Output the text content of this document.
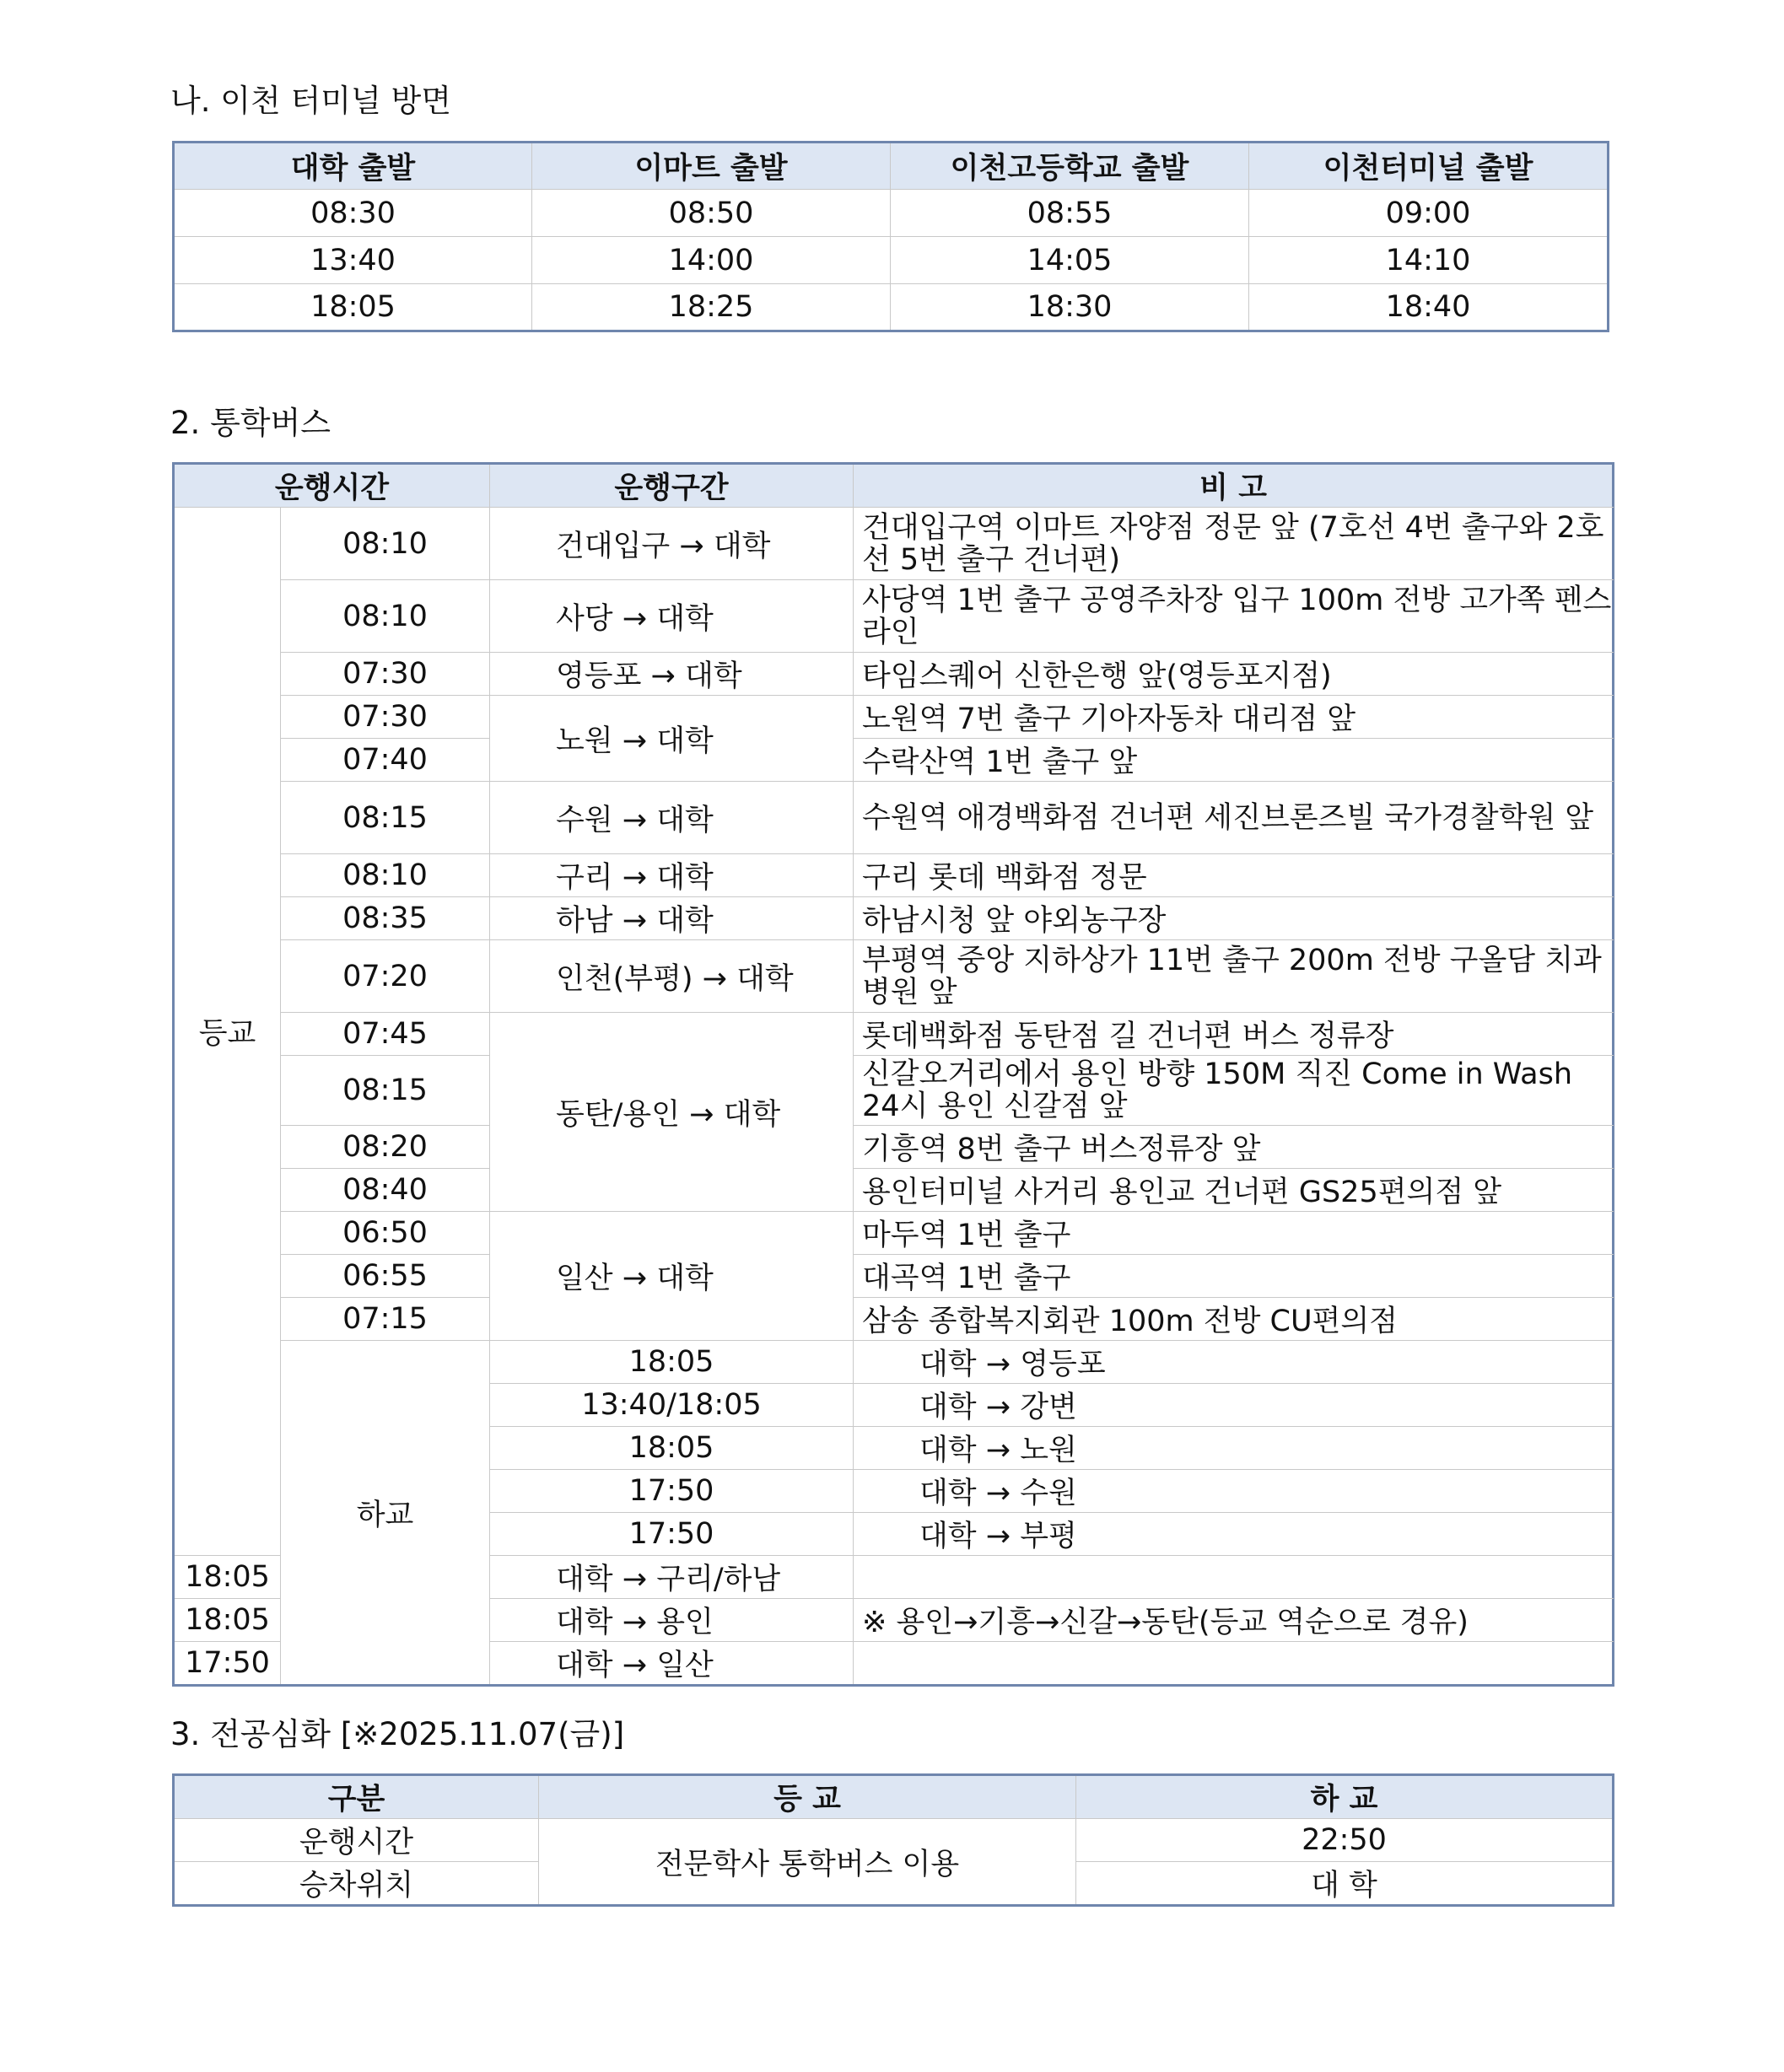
나. 이천 터미널 방면
대학 출발	이마트 출발	이천고등학교 출발	이천터미널 출발
08:30	08:50	08:55	09:00
13:40	14:00	14:05	14:10
18:05	18:25	18:30	18:40
2. 통학버스
운행시간		운행구간	비 고	
등교	08:10	건대입구 → 대학	건대입구역 이마트 자양점 정문 앞 (7호선 4번 출구와 2호선 5번 출구 건너편)	
	08:10	사당 → 대학	사당역 1번 출구 공영주차장 입구 100m 전방 고가쪽 펜스라인	
	07:30	영등포 → 대학	타임스퀘어 신한은행 앞(영등포지점)	
	07:30	노원 → 대학	노원역 7번 출구 기아자동차 대리점 앞	
	07:40		수락산역 1번 출구 앞	
	08:15	수원 → 대학	수원역 애경백화점 건너편 세진브론즈빌 국가경찰학원 앞	
	08:10	구리 → 대학	구리 롯데 백화점 정문	
	08:35	하남 → 대학	하남시청 앞 야외농구장	
	07:20	인천(부평) → 대학	부평역 중앙 지하상가 11번 출구 200m 전방 구올담 치과병원 앞	
	07:45	동탄/용인 → 대학	롯데백화점 동탄점 길 건너편 버스 정류장	
	08:15		신갈오거리에서 용인 방향 150M 직진 Come in Wash 24시 용인 신갈점 앞	
	08:20		기흥역 8번 출구 버스정류장 앞	
	08:40		용인터미널 사거리 용인교 건너편 GS25편의점 앞	
	06:50	일산 → 대학	마두역 1번 출구	
	06:55		대곡역 1번 출구	
	07:15		삼송 종합복지회관 100m 전방 CU편의점	
	하교	18:05	대학 → 영등포	
		13:40/18:05	대학 → 강변	
		18:05	대학 → 노원	
		17:50	대학 → 수원	
		17:50	대학 → 부평	
18:05		대학 → 구리/하남		
18:05		대학 → 용인	※ 용인→기흥→신갈→동탄(등교 역순으로 경유)	
17:50		대학 → 일산		
3. 전공심화 [※2025.11.07(금)]
구분	등 교	하 교
운행시간	전문학사 통학버스 이용	22:50
승차위치		대 학
